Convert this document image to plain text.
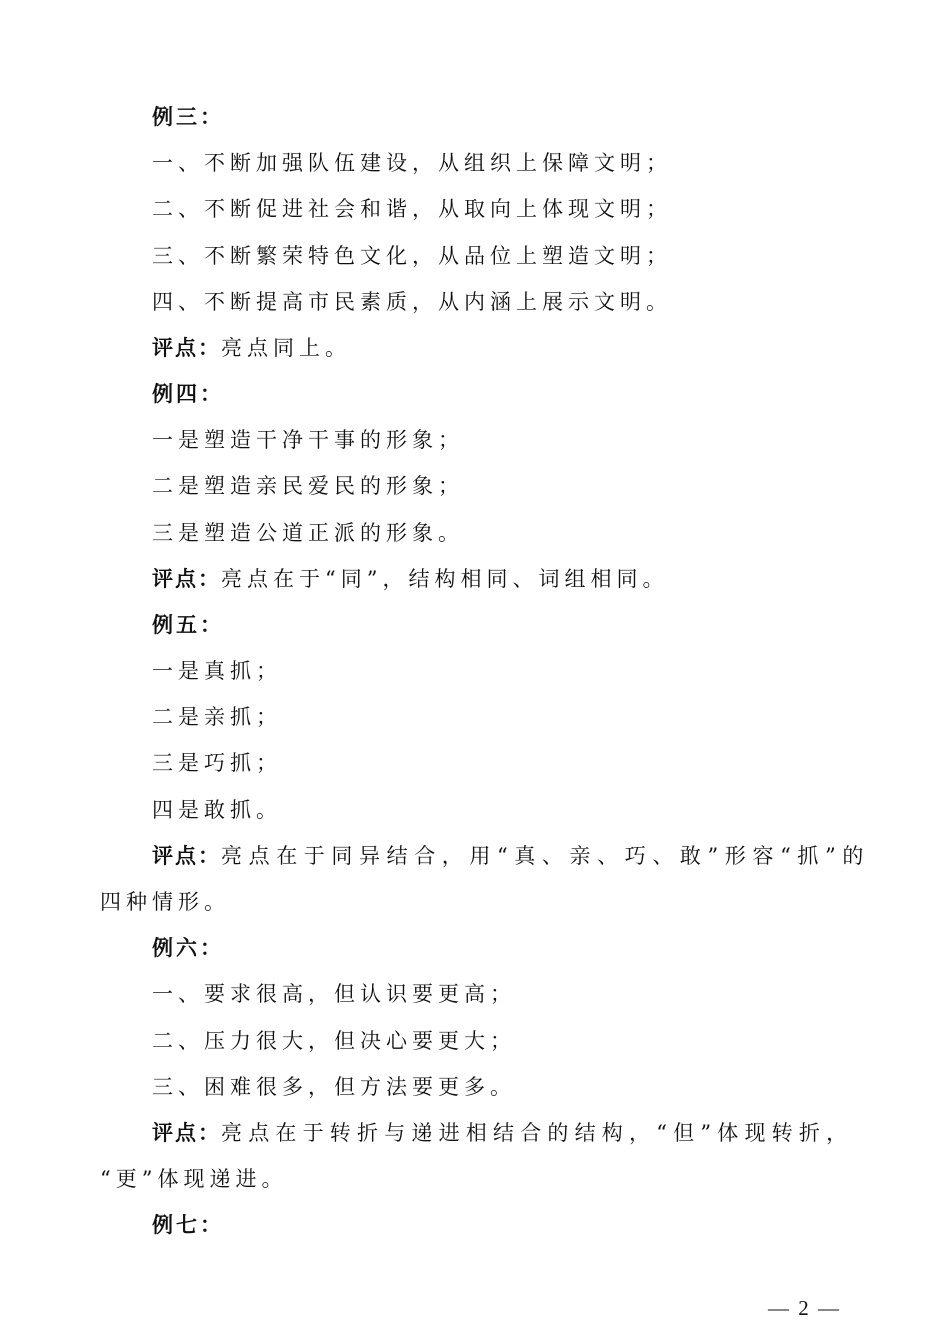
例三：
一、不断加强队伍建设，从组织上保障文明；
二、不断促进社会和谐，从取向上体现文明；
三、不断繁荣特色文化，从品位上塑造文明；
四、不断提高市民素质，从内涵上展示文明。
评点：亮点同上。
例四：
一是塑造干净干事的形象；
二是塑造亲民爱民的形象；
三是塑造公道正派的形象。
评点：亮点在于“同”，结构相同、词组相同。
例五：
一是真抓；
二是亲抓；
三是巧抓；
四是敢抓。
评点：亮点在于同异结合，用“真、亲、巧、敢”形容“抓”的
四种情形。
例六：
一、要求很高，但认识要更高；
二、压力很大，但决心要更大；
三、困难很多，但方法要更多。
评点：亮点在于转折与递进相结合的结构，“但”体现转折，
“更”体现递进。
例七：
— 2 —
